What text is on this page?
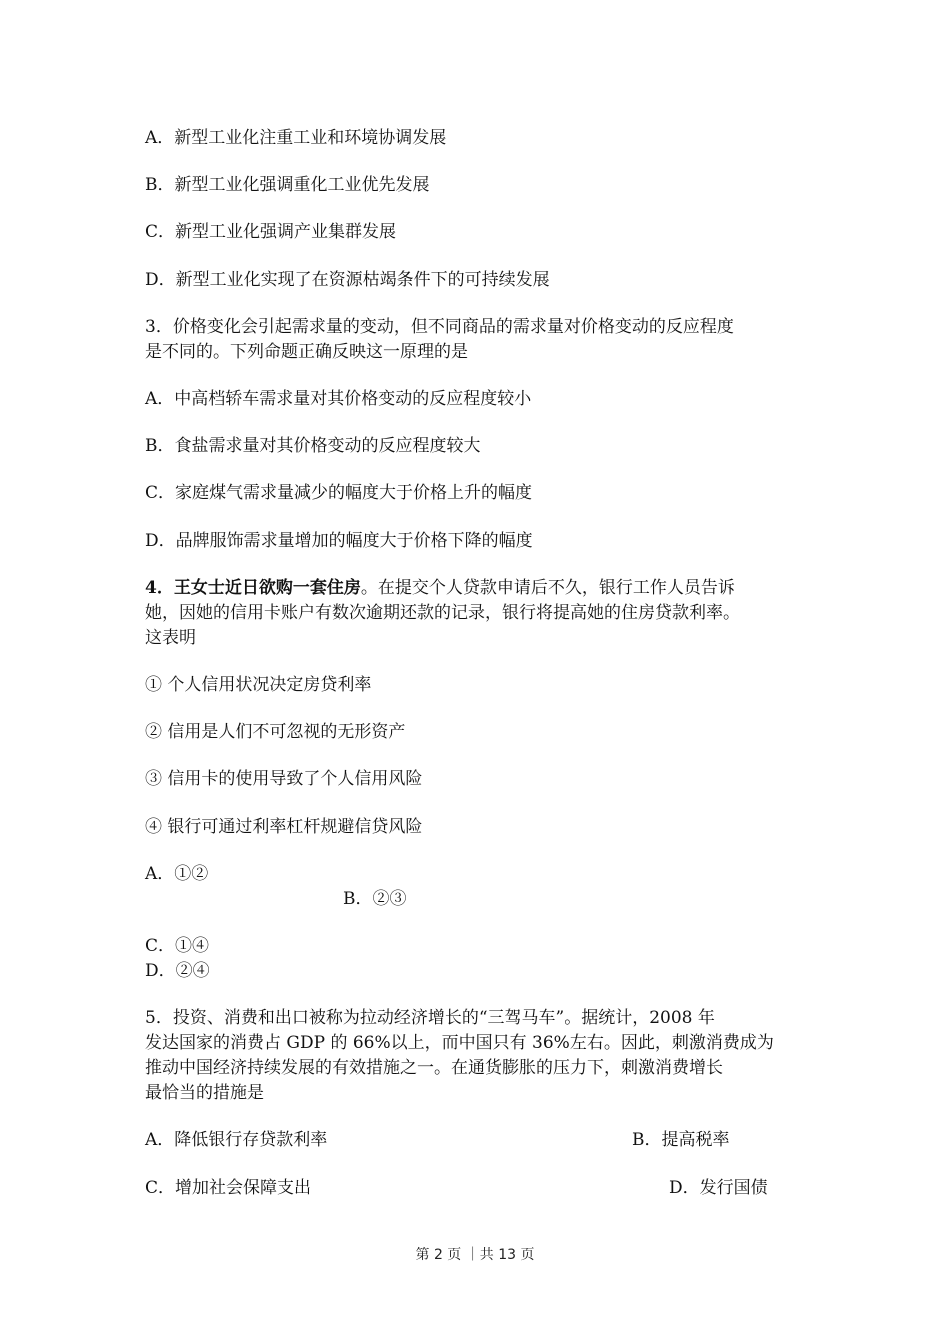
A．新型工业化注重工业和环境协调发展
B．新型工业化强调重化工业优先发展
C．新型工业化强调产业集群发展
D．新型工业化实现了在资源枯竭条件下的可持续发展
3．价格变化会引起需求量的变动，但不同商品的需求量对价格变动的反应程度
是不同的。下列命题正确反映这一原理的是
A．中高档轿车需求量对其价格变动的反应程度较小
B．食盐需求量对其价格变动的反应程度较大
C．家庭煤气需求量减少的幅度大于价格上升的幅度
D．品牌服饰需求量增加的幅度大于价格下降的幅度
4．王女士近日欲购一套住房。在提交个人贷款申请后不久，银行工作人员告诉
她，因她的信用卡账户有数次逾期还款的记录，银行将提高她的住房贷款利率。
这表明
① 个人信用状况决定房贷利率
② 信用是人们不可忽视的无形资产
③ 信用卡的使用导致了个人信用风险
④ 银行可通过利率杠杆规避信贷风险
A．①②
B．②③
C．①④
D．②④
5．投资、消费和出口被称为拉动经济增长的“三驾马车”。据统计，2008 年
发达国家的消费占 GDP 的 66%以上，而中国只有 36%左右。因此，刺激消费成为
推动中国经济持续发展的有效措施之一。在通货膨胀的压力下，刺激消费增长
最恰当的措施是
A．降低银行存贷款利率	B．提高税率
C．增加社会保障支出	D．发行国债
第 2 页 ｜共 13 页
